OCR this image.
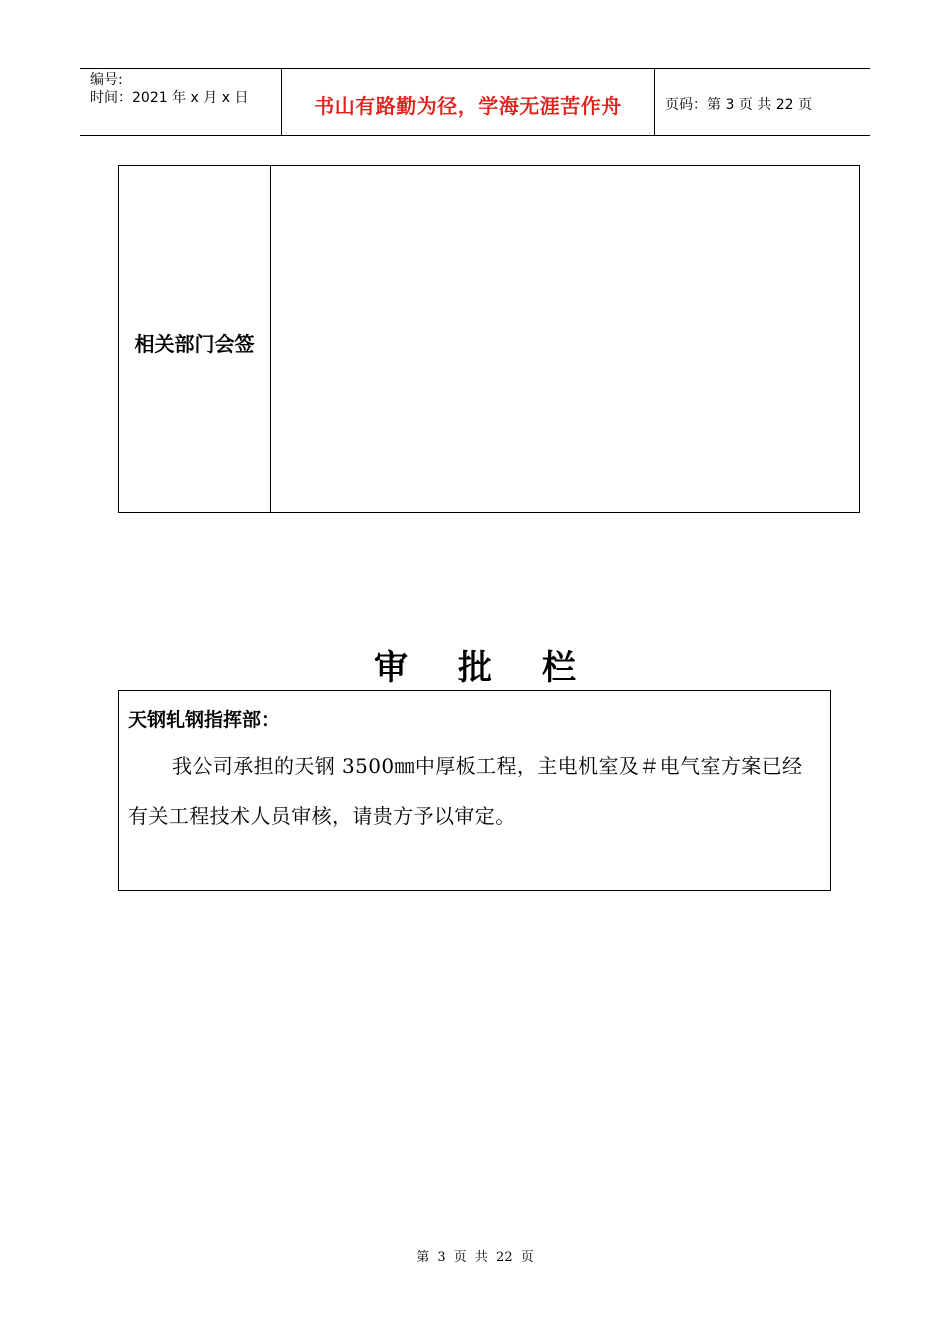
编号:
时间：2021 年 x 月 x 日	书山有路勤为径，学海无涯苦作舟	页码：第 3 页 共 22 页
相关部门会签
审批栏

天钢轧钢指挥部：

我公司承担的天钢 3500㎜中厚板工程，主电机室及＃电气室方案已经有关工程技术人员审核，请贵方予以审定。

第 3 页 共 22 页
